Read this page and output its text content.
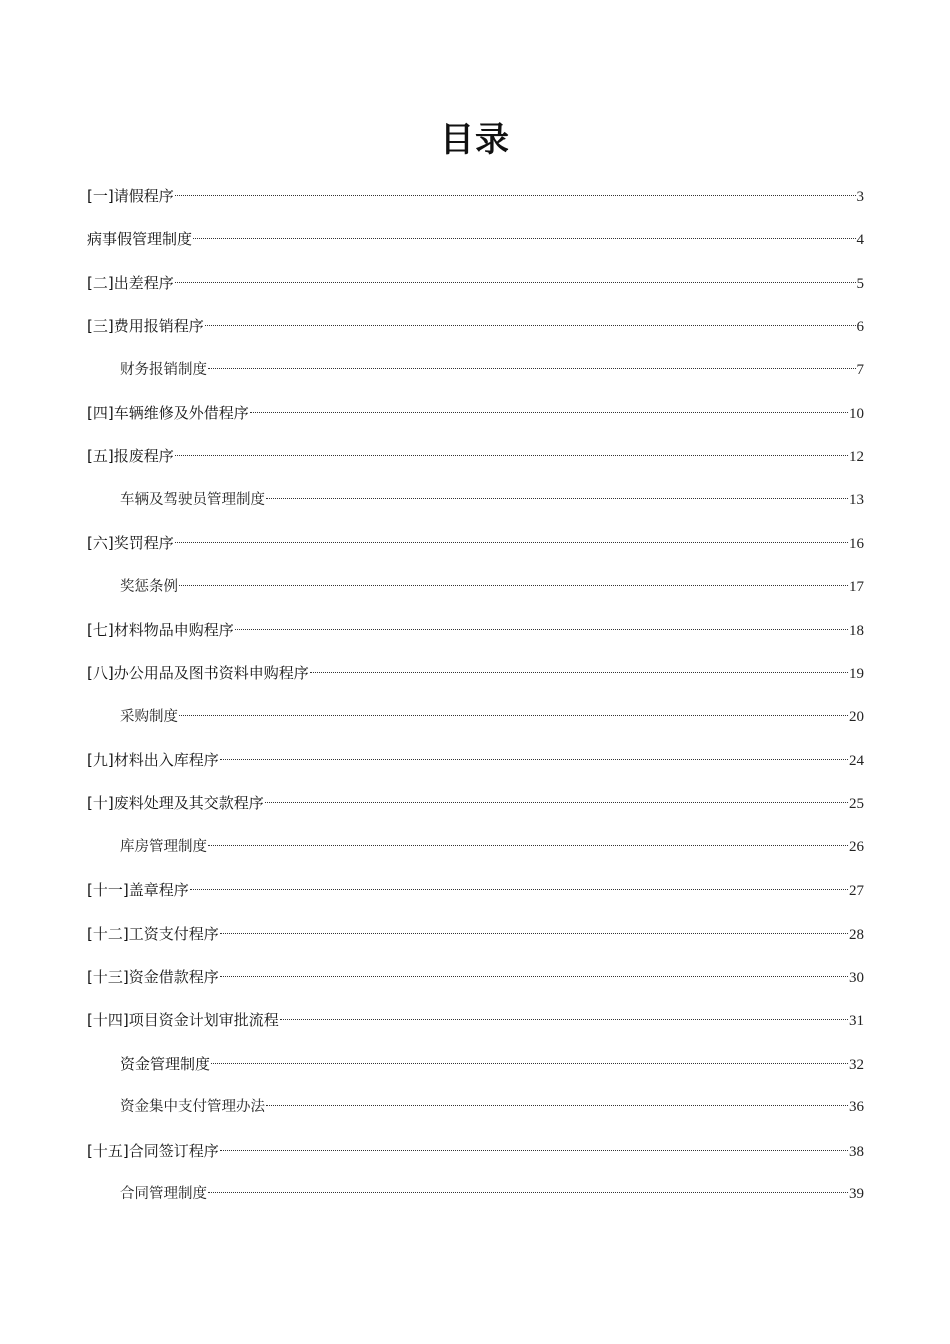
目录
[一]请假程序	3
病事假管理制度	4
[二]出差程序	5
[三]费用报销程序	6
财务报销制度	7
[四]车辆维修及外借程序	10
[五]报废程序	12
车辆及驾驶员管理制度	13
[六]奖罚程序	16
奖惩条例	17
[七]材料物品申购程序	18
[八]办公用品及图书资料申购程序	19
采购制度	20
[九]材料出入库程序	24
[十]废料处理及其交款程序	25
库房管理制度	26
[十一]盖章程序	27
[十二]工资支付程序	28
[十三]资金借款程序	30
[十四]项目资金计划审批流程	31
资金管理制度	32
资金集中支付管理办法	36
[十五]合同签订程序	38
合同管理制度	39
